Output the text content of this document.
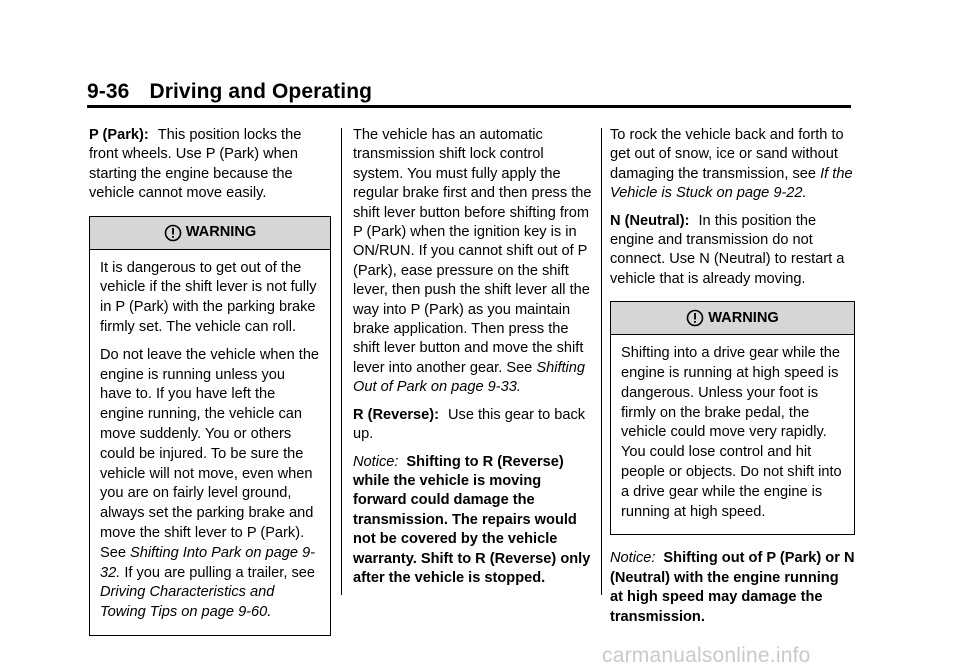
9-36 Driving and Operating

P (Park): This position locks the front wheels. Use P (Park) when starting the engine because the vehicle cannot move easily.

WARNING

It is dangerous to get out of the vehicle if the shift lever is not fully in P (Park) with the parking brake firmly set. The vehicle can roll.

Do not leave the vehicle when the engine is running unless you have to. If you have left the engine running, the vehicle can move suddenly. You or others could be injured. To be sure the vehicle will not move, even when you are on fairly level ground, always set the parking brake and move the shift lever to P (Park). See Shifting Into Park on page 9-32. If you are pulling a trailer, see Driving Characteristics and Towing Tips on page 9-60.

The vehicle has an automatic transmission shift lock control system. You must fully apply the regular brake first and then press the shift lever button before shifting from P (Park) when the ignition key is in ON/RUN. If you cannot shift out of P (Park), ease pressure on the shift lever, then push the shift lever all the way into P (Park) as you maintain brake application. Then press the shift lever button and move the shift lever into another gear. See Shifting Out of Park on page 9-33.

R (Reverse): Use this gear to back up.

Notice: Shifting to R (Reverse) while the vehicle is moving forward could damage the transmission. The repairs would not be covered by the vehicle warranty. Shift to R (Reverse) only after the vehicle is stopped.

To rock the vehicle back and forth to get out of snow, ice or sand without damaging the transmission, see If the Vehicle is Stuck on page 9-22.

N (Neutral): In this position the engine and transmission do not connect. Use N (Neutral) to restart a vehicle that is already moving.

WARNING

Shifting into a drive gear while the engine is running at high speed is dangerous. Unless your foot is firmly on the brake pedal, the vehicle could move very rapidly. You could lose control and hit people or objects. Do not shift into a drive gear while the engine is running at high speed.

Notice: Shifting out of P (Park) or N (Neutral) with the engine running at high speed may damage the transmission.

carmanualsonline.info
